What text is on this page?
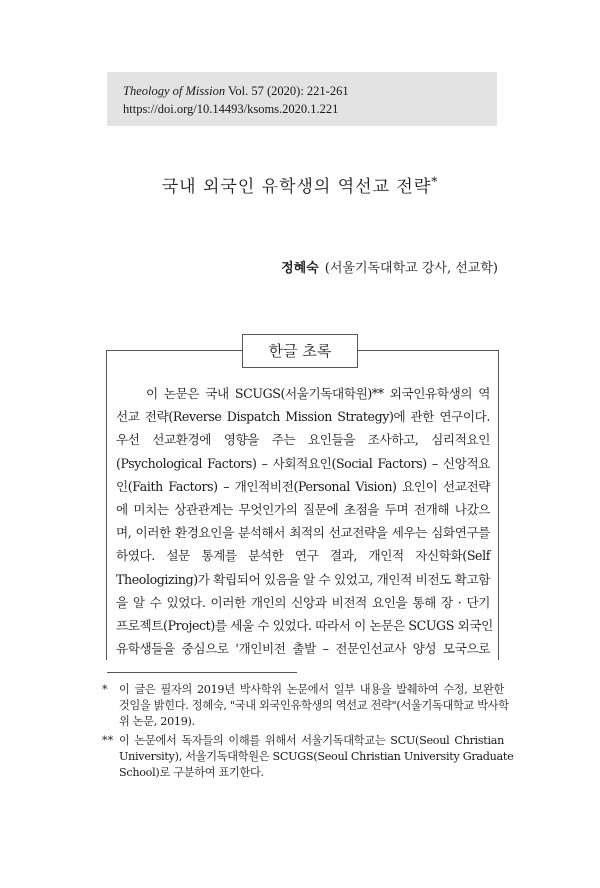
Theology of Mission Vol. 57 (2020): 221-261
https://doi.org/10.14493/ksoms.2020.1.221
국내 외국인 유학생의 역선교 전략*
정혜숙 (서울기독대학교 강사, 선교학)
한글 초록
이 논문은 국내 SCUGS(서울기독대학원)** 외국인유학생의 역
선교 전략(Reverse Dispatch Mission Strategy)에 관한 연구이다.
우선 선교환경에 영향을 주는 요인들을 조사하고, 심리적요인
(Psychological Factors) – 사회적요인(Social Factors) – 신앙적요
인(Faith Factors) – 개인적비전(Personal Vision) 요인이 선교전략
에 미치는 상관관계는 무엇인가의 질문에 초점을 두며 전개해 나갔으
며, 이러한 환경요인을 분석해서 최적의 선교전략을 세우는 심화연구를
하였다. 설문 통계를 분석한 연구 결과, 개인적 자신학화(Self
Theologizing)가 확립되어 있음을 알 수 있었고, 개인적 비전도 확고함
을 알 수 있었다. 이러한 개인의 신앙과 비전적 요인을 통해 장 · 단기
프로젝트(Project)를 세울 수 있었다. 따라서 이 논문은 SCUGS 외국인
유학생들을 중심으로 '개인비전 출발 – 전문인선교사 양성 모국으로
* 이 글은 필자의 2019년 박사학위 논문에서 일부 내용을 발췌하여 수정, 보완한
것임을 밝힌다. 정혜숙, "국내 외국인유학생의 역선교 전략"(서울기독대학교 박사학
위 논문, 2019).
** 이 논문에서 독자들의 이해를 위해서 서울기독대학교는 SCU(Seoul Christian
University), 서울기독대학원은 SCUGS(Seoul Christian University Graduate
School)로 구분하여 표기한다.
